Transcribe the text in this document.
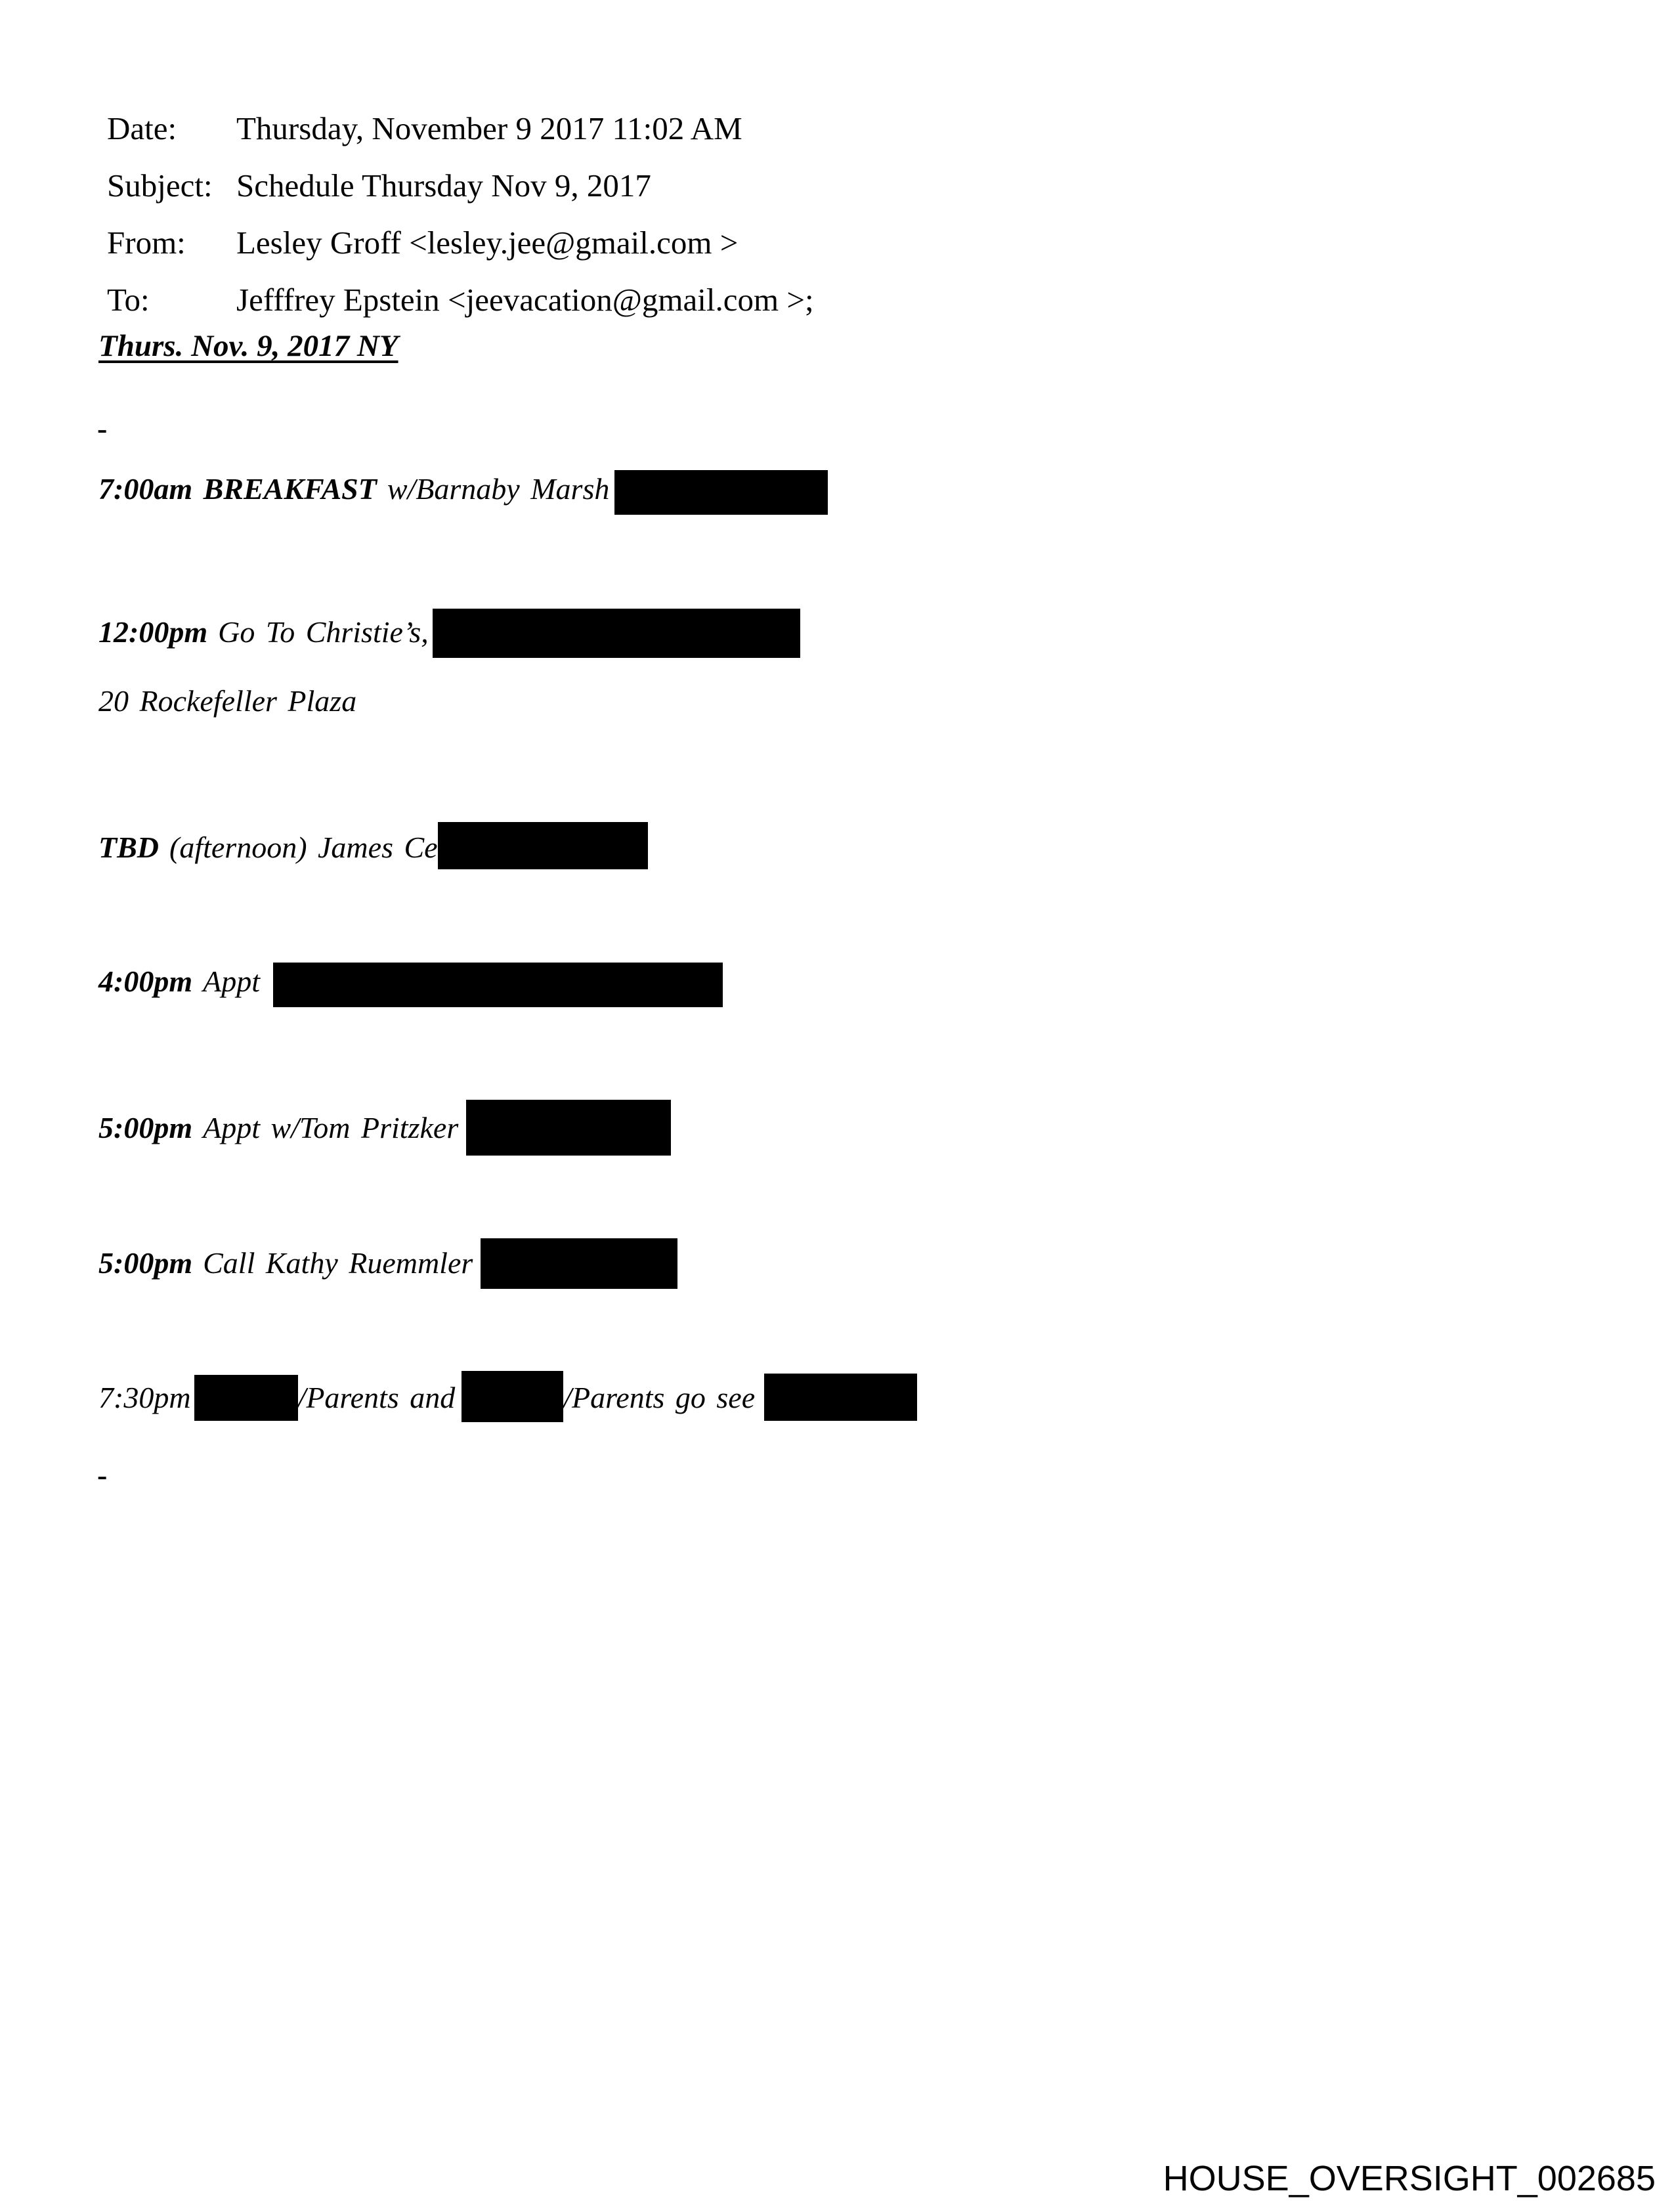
Date: Thursday, November 9 2017 11:02 AM
Subject: Schedule Thursday Nov 9, 2017
From: Lesley Groff <lesley.jee@gmail.com >
To:	Jefffrey Epstein <jeevacation@gmail.com >;
Thurs. Nov. 9, 2017 NY
-
7:00am BREAKFAST w/Barnaby Marsh
12:00pm Go To Christie’s,
20 Rockefeller Plaza
TBD (afternoon) James Ce
4:00pm Appt
5:00pm Appt w/Tom Pritzker
5:00pm Call Kathy Ruemmler
7:30pm	/Parents and	/Parents go see
-
HOUSE_OVERSIGHT_002685
